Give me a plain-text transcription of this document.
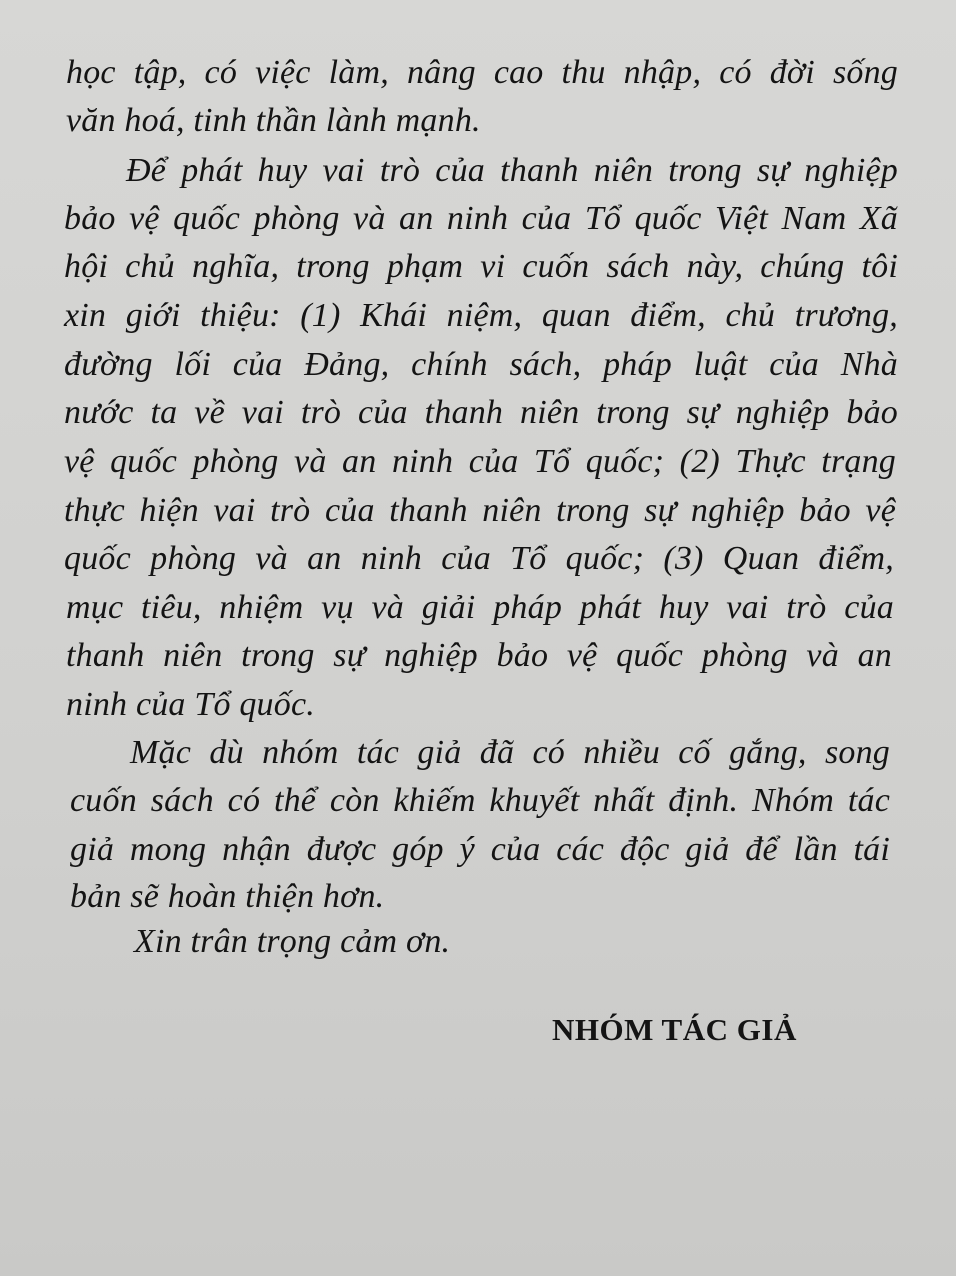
học tập, có việc làm, nâng cao thu nhập, có đời sống
văn hoá, tinh thần lành mạnh.
Để phát huy vai trò của thanh niên trong sự nghiệp
bảo vệ quốc phòng và an ninh của Tổ quốc Việt Nam Xã
hội chủ nghĩa, trong phạm vi cuốn sách này, chúng tôi
xin giới thiệu: (1) Khái niệm, quan điểm, chủ trương,
đường lối của Đảng, chính sách, pháp luật của Nhà
nước ta về vai trò của thanh niên trong sự nghiệp bảo
vệ quốc phòng và an ninh của Tổ quốc; (2) Thực trạng
thực hiện vai trò của thanh niên trong sự nghiệp bảo vệ
quốc phòng và an ninh của Tổ quốc; (3) Quan điểm,
mục tiêu, nhiệm vụ và giải pháp phát huy vai trò của
thanh niên trong sự nghiệp bảo vệ quốc phòng và an
ninh của Tổ quốc.
Mặc dù nhóm tác giả đã có nhiều cố gắng, song
cuốn sách có thể còn khiếm khuyết nhất định. Nhóm tác
giả mong nhận được góp ý của các độc giả để lần tái
bản sẽ hoàn thiện hơn.
Xin trân trọng cảm ơn.
NHÓM TÁC GIẢ
